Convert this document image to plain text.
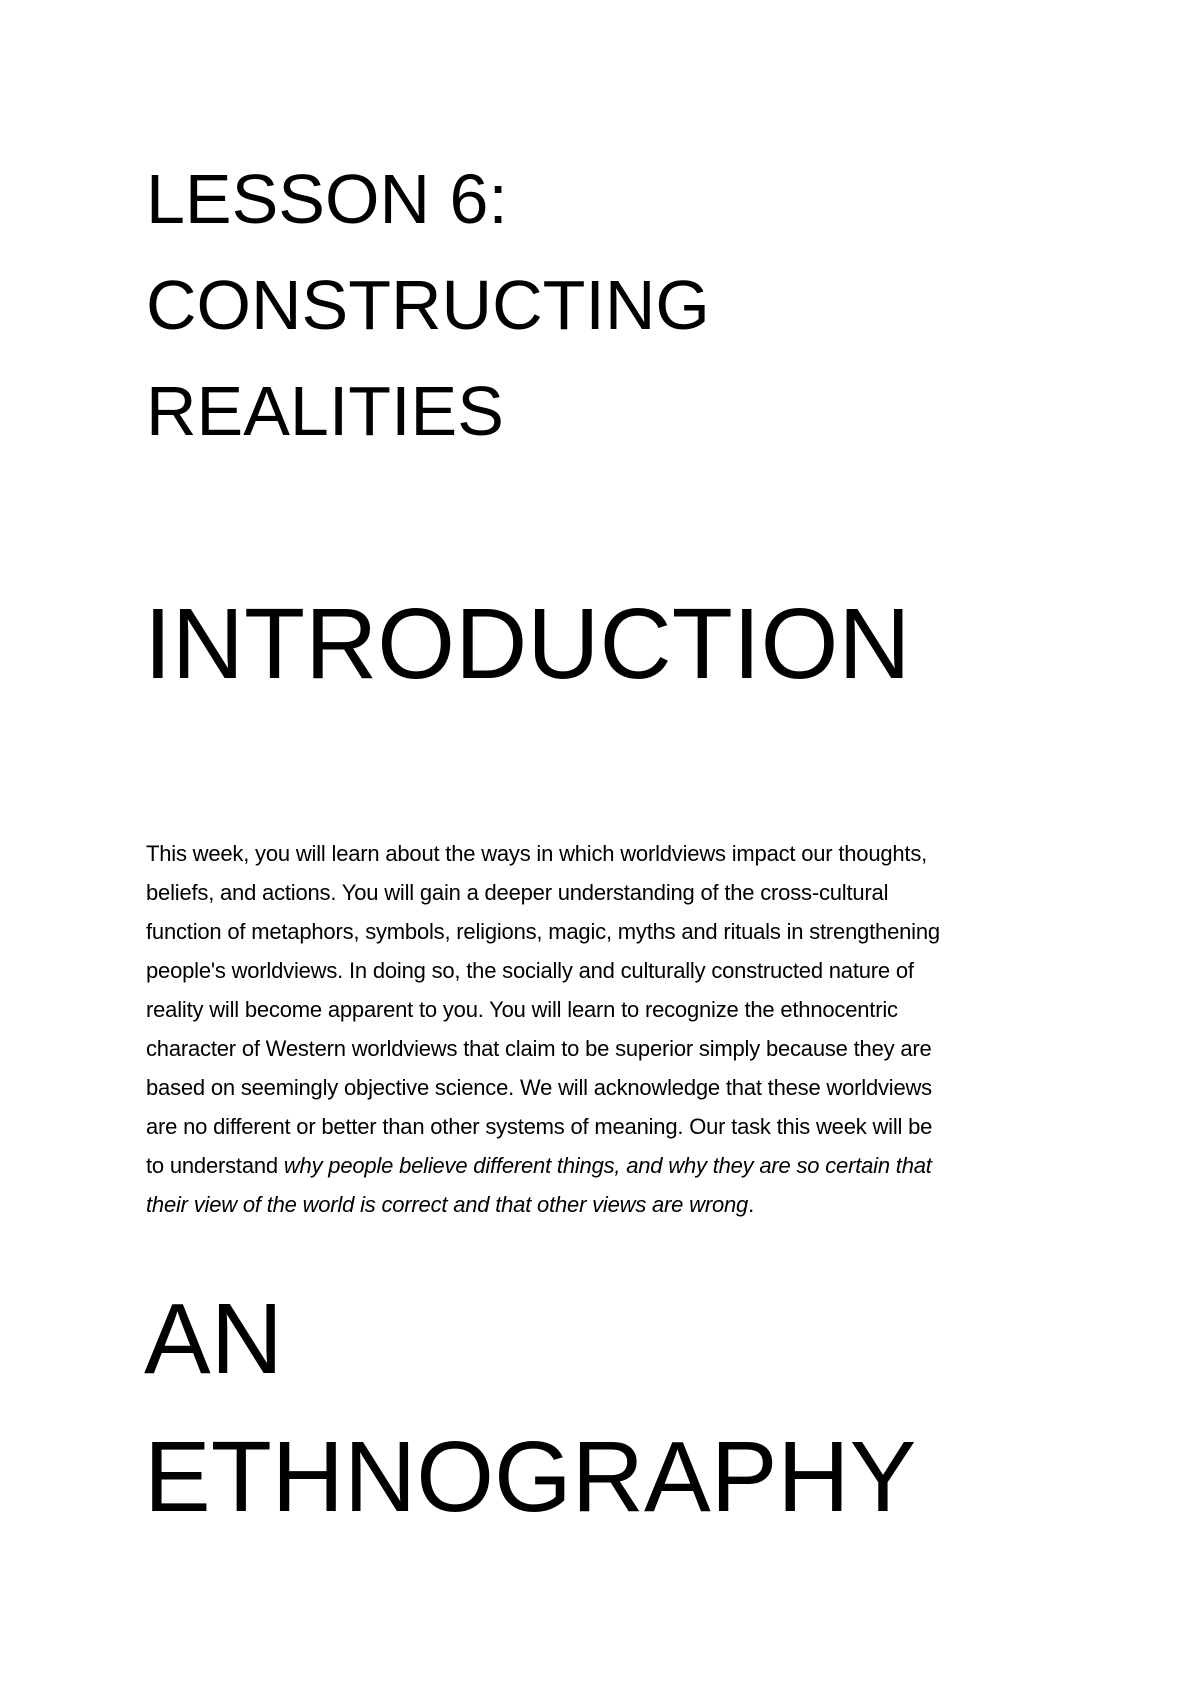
LESSON 6:
CONSTRUCTING
REALITIES
INTRODUCTION

This week, you will learn about the ways in which worldviews impact our thoughts,
beliefs, and actions. You will gain a deeper understanding of the cross-cultural
function of metaphors, symbols, religions, magic, myths and rituals in strengthening
people's worldviews. In doing so, the socially and culturally constructed nature of
reality will become apparent to you. You will learn to recognize the ethnocentric
character of Western worldviews that claim to be superior simply because they are
based on seemingly objective science. We will acknowledge that these worldviews
are no different or better than other systems of meaning. Our task this week will be
to understand why people believe different things, and why they are so certain that
their view of the world is correct and that other views are wrong.

AN
ETHNOGRAPHY
